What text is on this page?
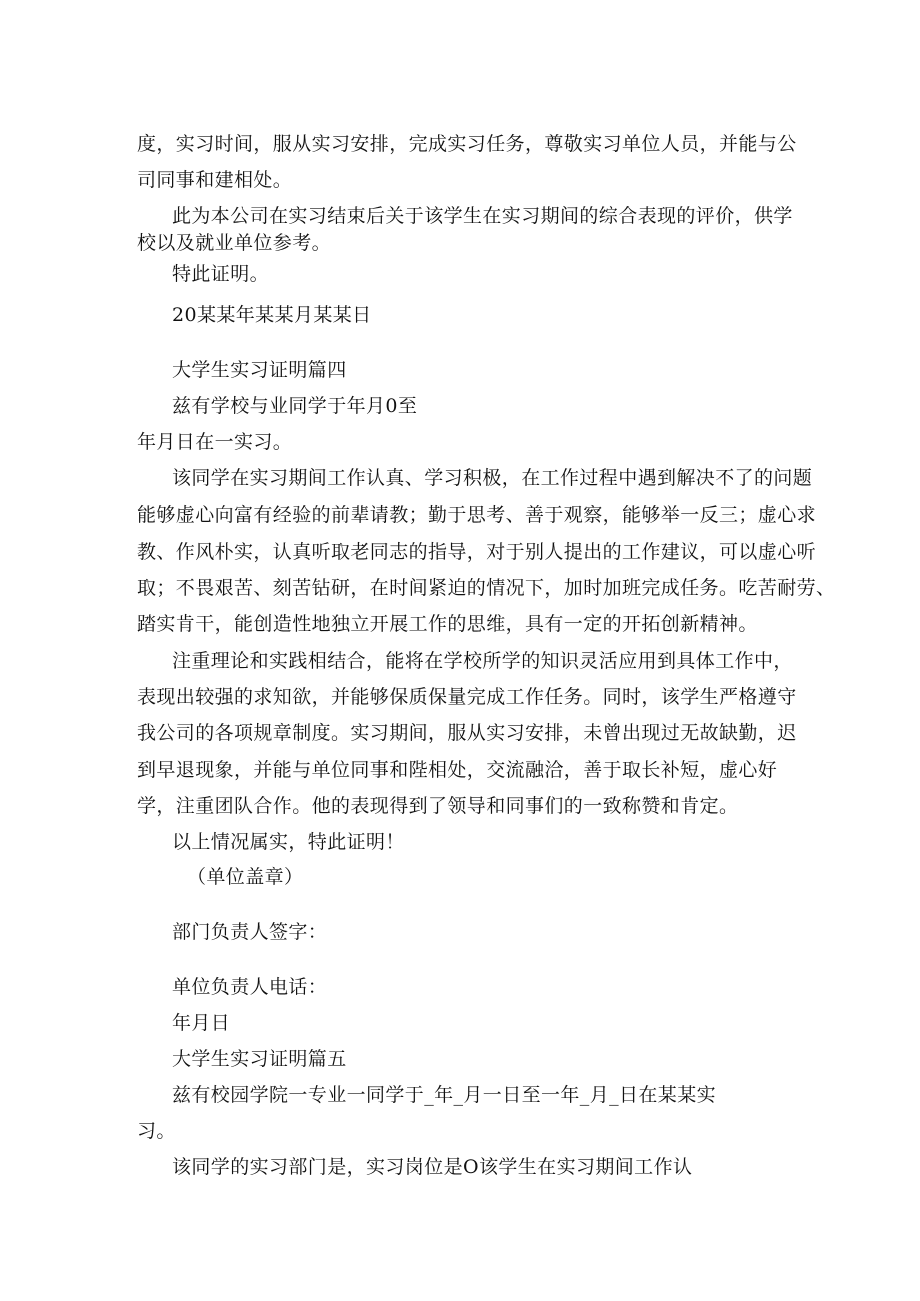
度，实习时间，服从实习安排，完成实习任务，尊敬实习单位人员，并能与公
司同事和建相处。
此为本公司在实习结束后关于该学生在实习期间的综合表现的评价，供学
校以及就业单位参考。
特此证明。
20某某年某某月某某日
大学生实习证明篇四
兹有学校与业同学于年月0至
年月日在一实习。
该同学在实习期间工作认真、学习积极，在工作过程中遇到解决不了的问题
能够虚心向富有经验的前辈请教；勤于思考、善于观察，能够举一反三；虚心求
教、作风朴实，认真听取老同志的指导，对于别人提出的工作建议，可以虚心听
取；不畏艰苦、刻苦钻研，在时间紧迫的情况下，加时加班完成任务。吃苦耐劳、
踏实肯干，能创造性地独立开展工作的思维，具有一定的开拓创新精神。
注重理论和实践相结合，能将在学校所学的知识灵活应用到具体工作中，
表现出较强的求知欲，并能够保质保量完成工作任务。同时，该学生严格遵守
我公司的各项规章制度。实习期间，服从实习安排，未曾出现过无故缺勤，迟
到早退现象，并能与单位同事和陛相处，交流融洽，善于取长补短，虚心好
学，注重团队合作。他的表现得到了领导和同事们的一致称赞和肯定。
以上情况属实，特此证明！
（单位盖章）
部门负责人签字：
单位负责人电话：
年月日
大学生实习证明篇五
兹有校园学院一专业一同学于_年_月一日至一年_月_日在某某实
习。
该同学的实习部门是，实习岗位是O该学生在实习期间工作认
